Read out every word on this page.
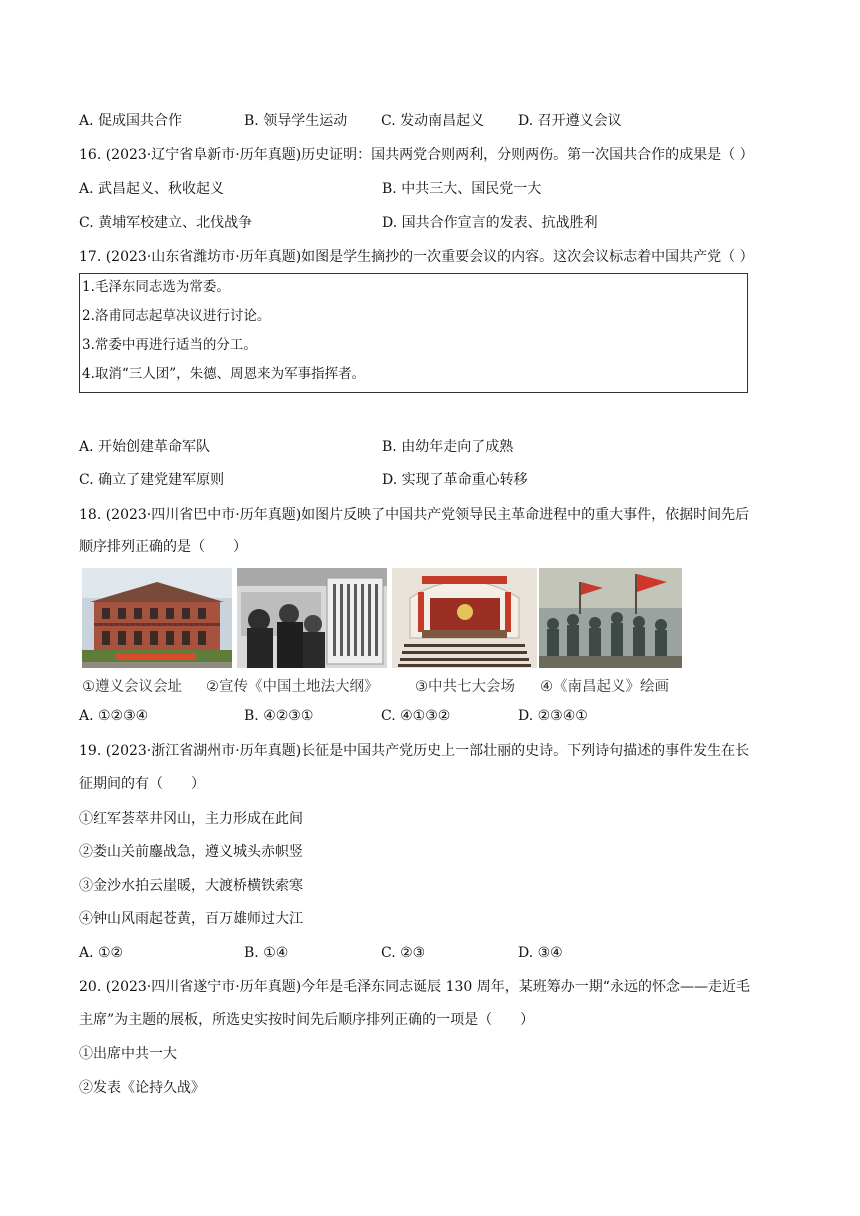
A. 促成国共合作	B. 领导学生运动 C. 发动南昌起义 D. 召开遵义会议
16. (2023·辽宁省阜新市·历年真题)历史证明：国共两党合则两利，分则两伤。第一次国共合作的成果是（ ）
A. 武昌起义、秋收起义	B. 中共三大、国民党一大
C. 黄埔军校建立、北伐战争	D. 国共合作宣言的发表、抗战胜利
17. (2023·山东省潍坊市·历年真题)如图是学生摘抄的一次重要会议的内容。这次会议标志着中国共产党（ ）
1.毛泽东同志选为常委。
2.洛甫同志起草决议进行讨论。
3.常委中再进行适当的分工。
4.取消“三人团”，朱德、周恩来为军事指挥者。
A. 开始创建革命军队	B. 由幼年走向了成熟
C. 确立了建党建军原则	D. 实现了革命重心转移
18. (2023·四川省巴中市·历年真题)如图片反映了中国共产党领导民主革命进程中的重大事件，依据时间先后
顺序排列正确的是（　　）
①遵义会议会址 ②宣传《中国土地法大纲》	③中共七大会场 ④《南昌起义》绘画
A. ①②③④	B. ④②③①	C. ④①③②	D. ②③④①
19. (2023·浙江省湖州市·历年真题)长征是中国共产党历史上一部壮丽的史诗。下列诗句描述的事件发生在长
征期间的有（　　）
①红军荟萃井冈山，主力形成在此间
②娄山关前鏖战急，遵义城头赤帜竖
③金沙水拍云崖暖，大渡桥横铁索寒
④钟山风雨起苍黄，百万雄师过大江
A. ①②	B. ①④	C. ②③	D. ③④
20. (2023·四川省遂宁市·历年真题)今年是毛泽东同志诞辰 130 周年，某班筹办一期“永远的怀念——走近毛
主席”为主题的展板，所选史实按时间先后顺序排列正确的一项是（　　）
①出席中共一大
②发表《论持久战》
